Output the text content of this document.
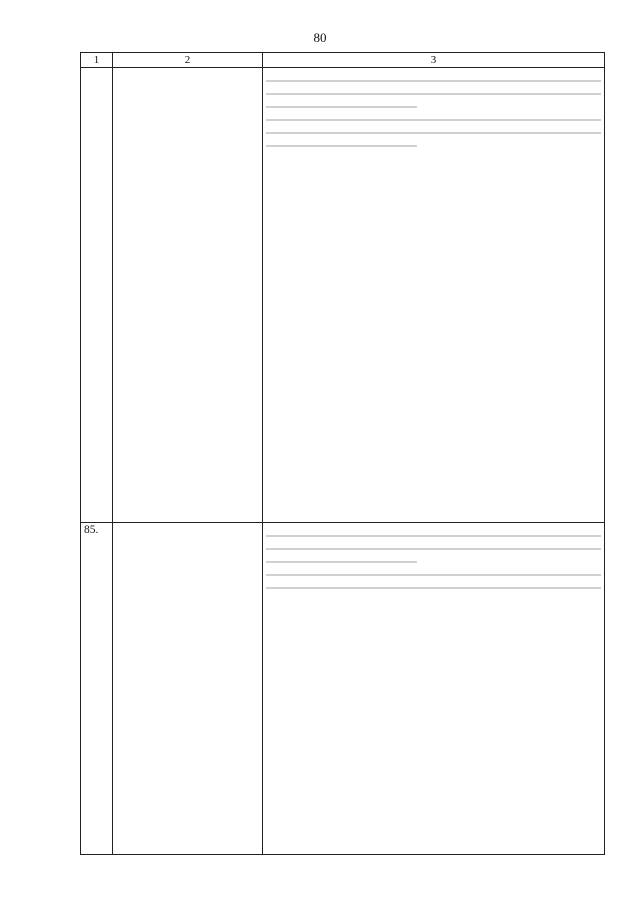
80
1	2	3

85.		
